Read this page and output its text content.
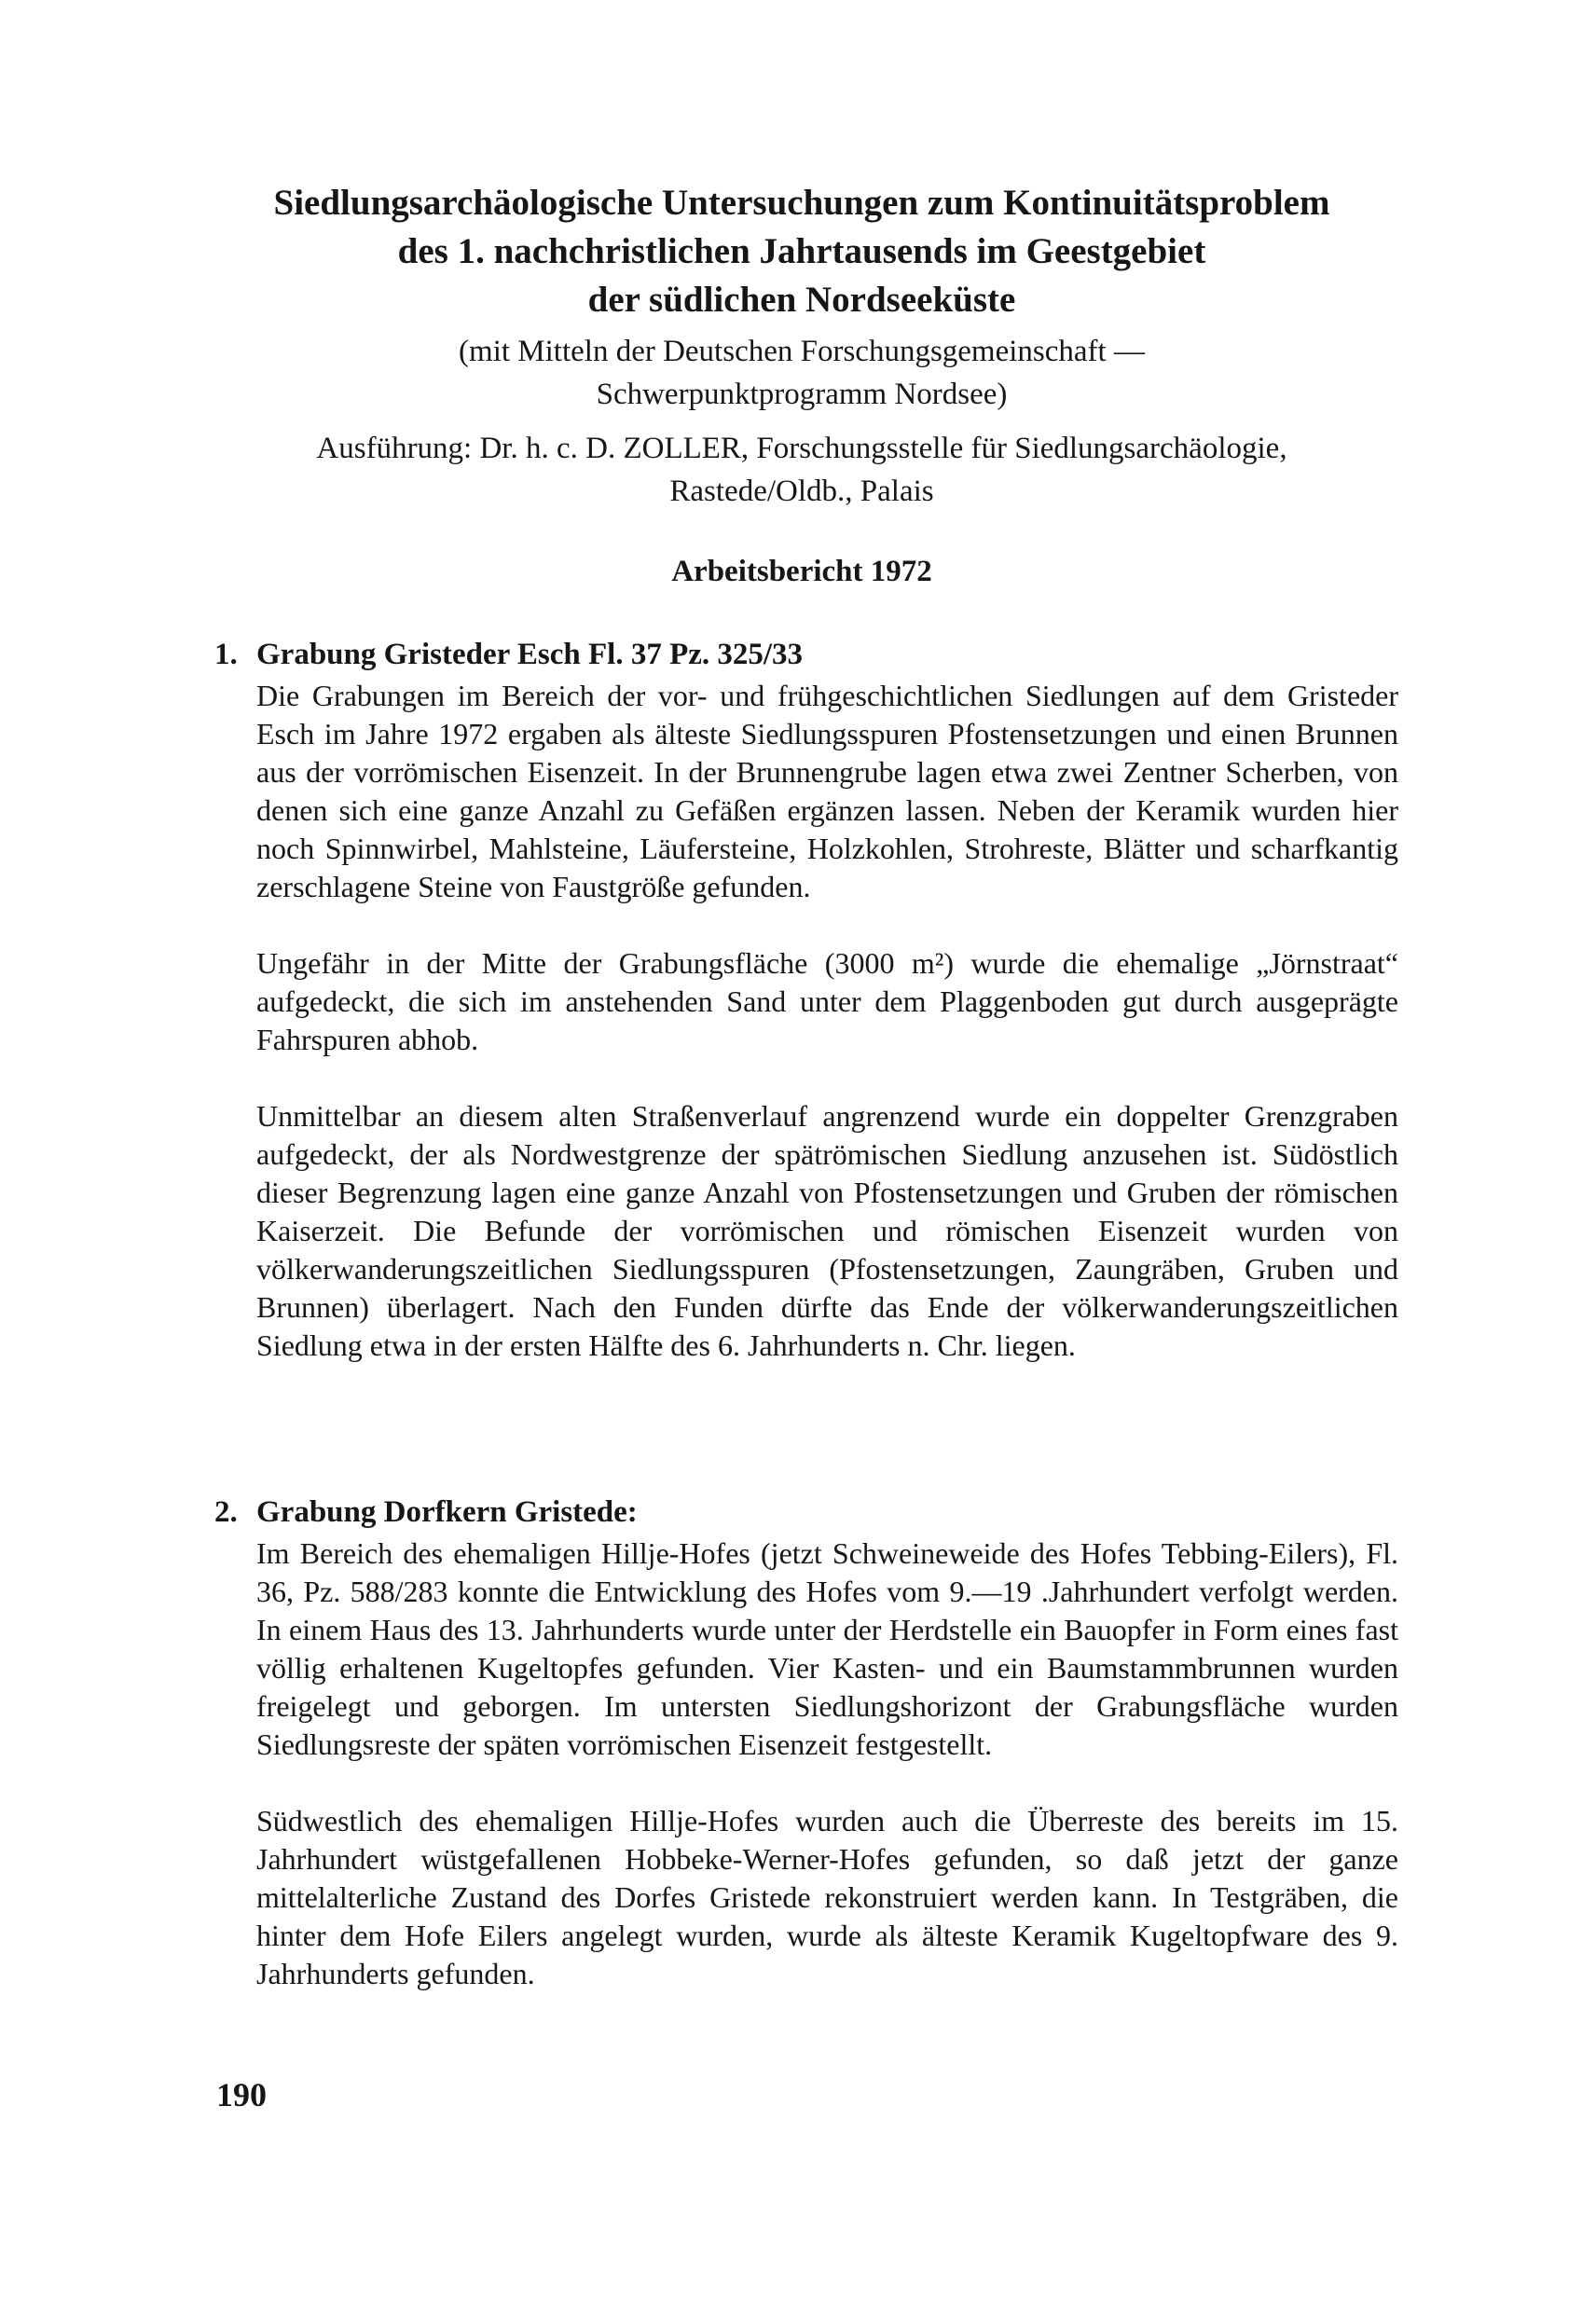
Siedlungsarchäologische Untersuchungen zum Kontinuitätsproblem
des 1. nachchristlichen Jahrtausends im Geestgebiet
der südlichen Nordseeküste

(mit Mitteln der Deutschen Forschungsgemeinschaft —
Schwerpunktprogramm Nordsee)

Ausführung: Dr. h. c. D. ZOLLER, Forschungsstelle für Siedlungsarchäologie,
Rastede/Oldb., Palais

Arbeitsbericht 1972

1. Grabung Gristeder Esch Fl. 37 Pz. 325/33

Die Grabungen im Bereich der vor- und frühgeschichtlichen Siedlungen auf dem Gristeder Esch im Jahre 1972 ergaben als älteste Siedlungsspuren Pfostensetzungen und einen Brunnen aus der vorrömischen Eisenzeit. In der Brunnengrube lagen etwa zwei Zentner Scherben, von denen sich eine ganze Anzahl zu Gefäßen ergänzen lassen. Neben der Keramik wurden hier noch Spinnwirbel, Mahlsteine, Läufersteine, Holzkohlen, Strohreste, Blätter und scharfkantig zerschlagene Steine von Faustgröße gefunden.

Ungefähr in der Mitte der Grabungsfläche (3000 m²) wurde die ehemalige „Jörnstraat“ aufgedeckt, die sich im anstehenden Sand unter dem Plaggenboden gut durch ausgeprägte Fahrspuren abhob.

Unmittelbar an diesem alten Straßenverlauf angrenzend wurde ein doppelter Grenzgraben aufgedeckt, der als Nordwestgrenze der spätrömischen Siedlung anzusehen ist. Südöstlich dieser Begrenzung lagen eine ganze Anzahl von Pfostensetzungen und Gruben der römischen Kaiserzeit. Die Befunde der vorrömischen und römischen Eisenzeit wurden von völkerwanderungszeitlichen Siedlungsspuren (Pfostensetzungen, Zaungräben, Gruben und Brunnen) überlagert. Nach den Funden dürfte das Ende der völkerwanderungszeitlichen Siedlung etwa in der ersten Hälfte des 6. Jahrhunderts n. Chr. liegen.

2. Grabung Dorfkern Gristede:

Im Bereich des ehemaligen Hillje-Hofes (jetzt Schweineweide des Hofes Tebbing-Eilers), Fl. 36, Pz. 588/283 konnte die Entwicklung des Hofes vom 9.—19 .Jahrhundert verfolgt werden. In einem Haus des 13. Jahrhunderts wurde unter der Herdstelle ein Bauopfer in Form eines fast völlig erhaltenen Kugeltopfes gefunden. Vier Kasten- und ein Baumstammbrunnen wurden freigelegt und geborgen. Im untersten Siedlungshorizont der Grabungsfläche wurden Siedlungsreste der späten vorrömischen Eisenzeit festgestellt.

Südwestlich des ehemaligen Hillje-Hofes wurden auch die Überreste des bereits im 15. Jahrhundert wüstgefallenen Hobbeke-Werner-Hofes gefunden, so daß jetzt der ganze mittelalterliche Zustand des Dorfes Gristede rekonstruiert werden kann. In Testgräben, die hinter dem Hofe Eilers angelegt wurden, wurde als älteste Keramik Kugeltopfware des 9. Jahrhunderts gefunden.

190
